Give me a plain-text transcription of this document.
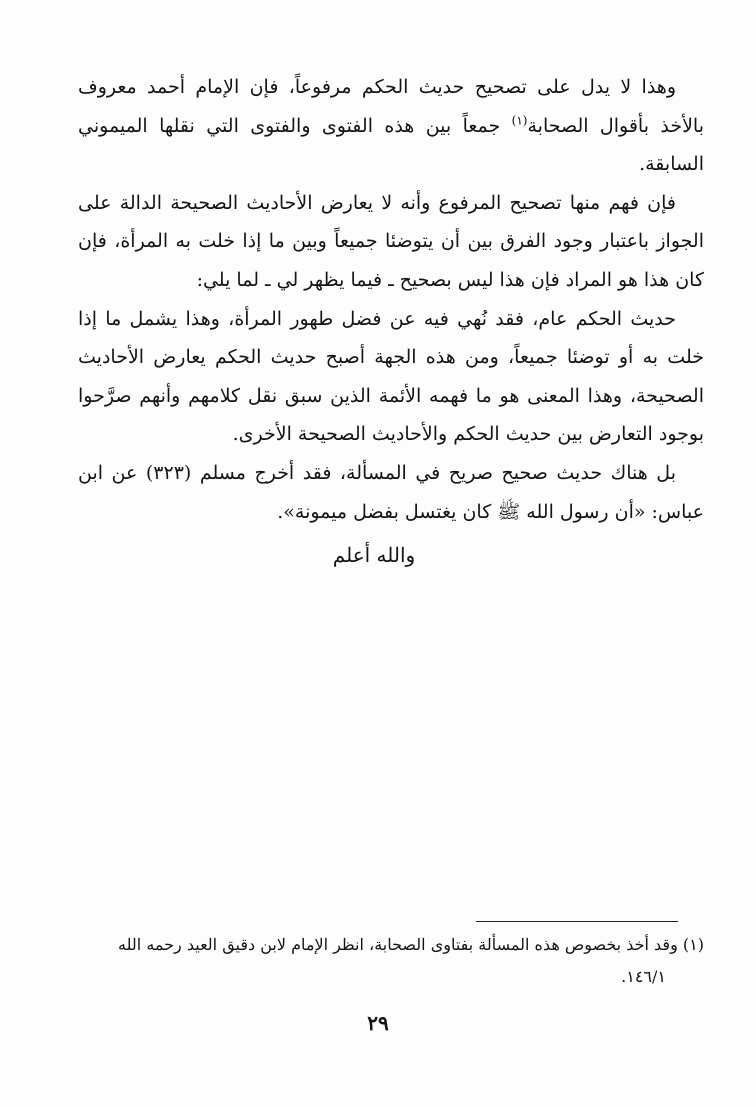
وهذا لا يدل على تصحيح حديث الحكم مرفوعاً، فإن الإمام أحمد معروف بالأخذ بأقوال الصحابة$^{(١)}$ جمعاً بين هذه الفتوى والفتوى التي نقلها الميموني السابقة.

فإن فهم منها تصحيح المرفوع وأنه لا يعارض الأحاديث الصحيحة الدالة على الجواز باعتبار وجود الفرق بين أن يتوضئا جميعاً وبين ما إذا خلت به المرأة، فإن كان هذا هو المراد فإن هذا ليس بصحيح ـ فيما يظهر لي ـ لما يلي:

حديث الحكم عام، فقد نُهي فيه عن فضل طهور المرأة، وهذا يشمل ما إذا خلت به أو توضئا جميعاً، ومن هذه الجهة أصبح حديث الحكم يعارض الأحاديث الصحيحة، وهذا المعنى هو ما فهمه الأئمة الذين سبق نقل كلامهم وأنهم صرَّحوا بوجود التعارض بين حديث الحكم والأحاديث الصحيحة الأخرى.

بل هناك حديث صحيح صريح في المسألة، فقد أخرج مسلم (٣٢٣) عن ابن عباس: «أن رسول الله ﷺ كان يغتسل بفضل ميمونة».

والله أعلم

(١) وقد أخذ بخصوص هذه المسألة بفتاوى الصحابة، انظر الإمام لابن دقيق العيد رحمه الله
١٤٦/١.

٢٩
